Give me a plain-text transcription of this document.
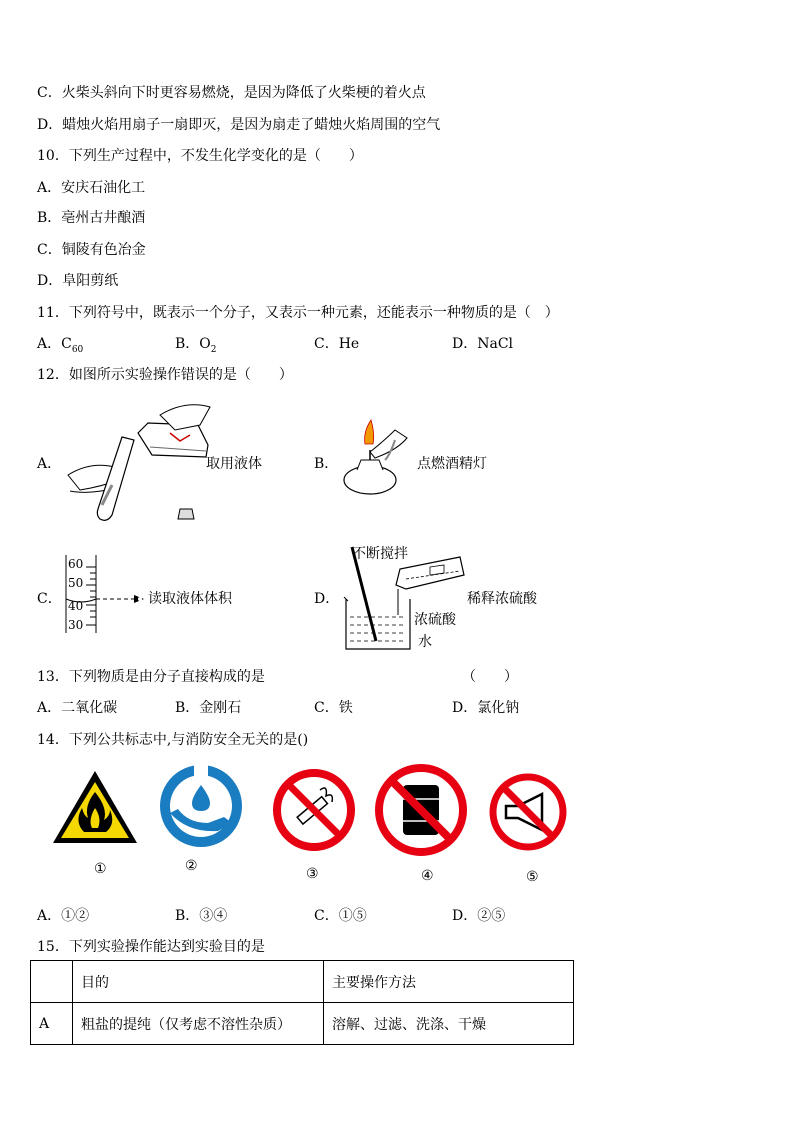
C．火柴头斜向下时更容易燃烧，是因为降低了火柴梗的着火点
D．蜡烛火焰用扇子一扇即灭，是因为扇走了蜡烛火焰周围的空气
10．下列生产过程中，不发生化学变化的是（　　）
A．安庆石油化工
B．亳州古井酿酒
C．铜陵有色冶金
D．阜阳剪纸
11．下列符号中，既表示一个分子，又表示一种元素，还能表示一种物质的是（　）
A．$C_{60}$	B．$O_2$	C．He	D．NaCl
12．如图所示实验操作错误的是（　　）
A．	取用液体	B．	点燃酒精灯
C．
60
50
40
30
读取液体体积	D．
不断搅拌
稀释浓硫酸
浓硫酸
水
13．下列物质是由分子直接构成的是	（　　）
A．二氧化碳	B．金刚石	C．铁	D．氯化钠
14．下列公共标志中,与消防安全无关的是()
①	②	③	④	⑤
A．①②	B．③④	C．①⑤	D．②⑤
15．下列实验操作能达到实验目的是
	目的	主要操作方法
A	粗盐的提纯（仅考虑不溶性杂质）	溶解、过滤、洗涤、干燥
